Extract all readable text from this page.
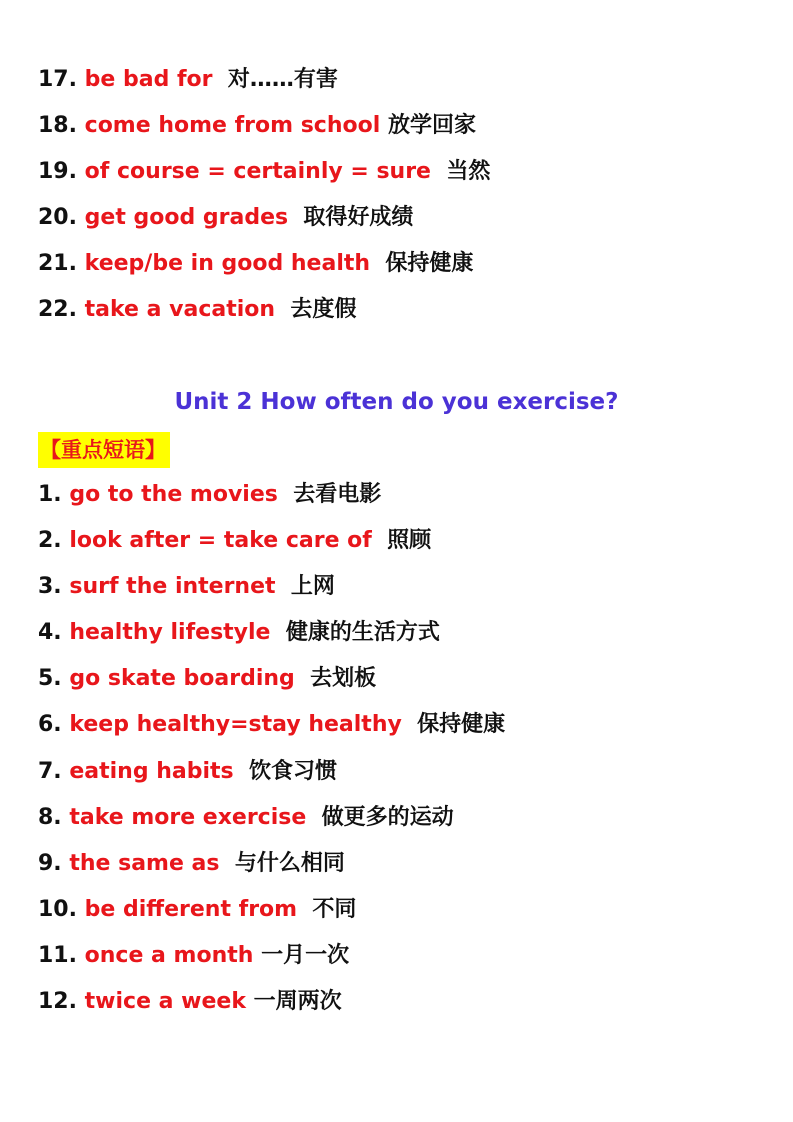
17. be bad for 对……有害
18. come home from school 放学回家
19. of course = certainly = sure 当然
20. get good grades 取得好成绩
21. keep/be in good health 保持健康
22. take a vacation 去度假
Unit 2 How often do you exercise?
【重点短语】
1. go to the movies 去看电影
2. look after = take care of 照顾
3. surf the internet 上网
4. healthy lifestyle 健康的生活方式
5. go skate boarding 去划板
6. keep healthy=stay healthy 保持健康
7. eating habits 饮食习惯
8. take more exercise 做更多的运动
9. the same as 与什么相同
10. be different from 不同
11. once a month 一月一次
12. twice a week 一周两次
